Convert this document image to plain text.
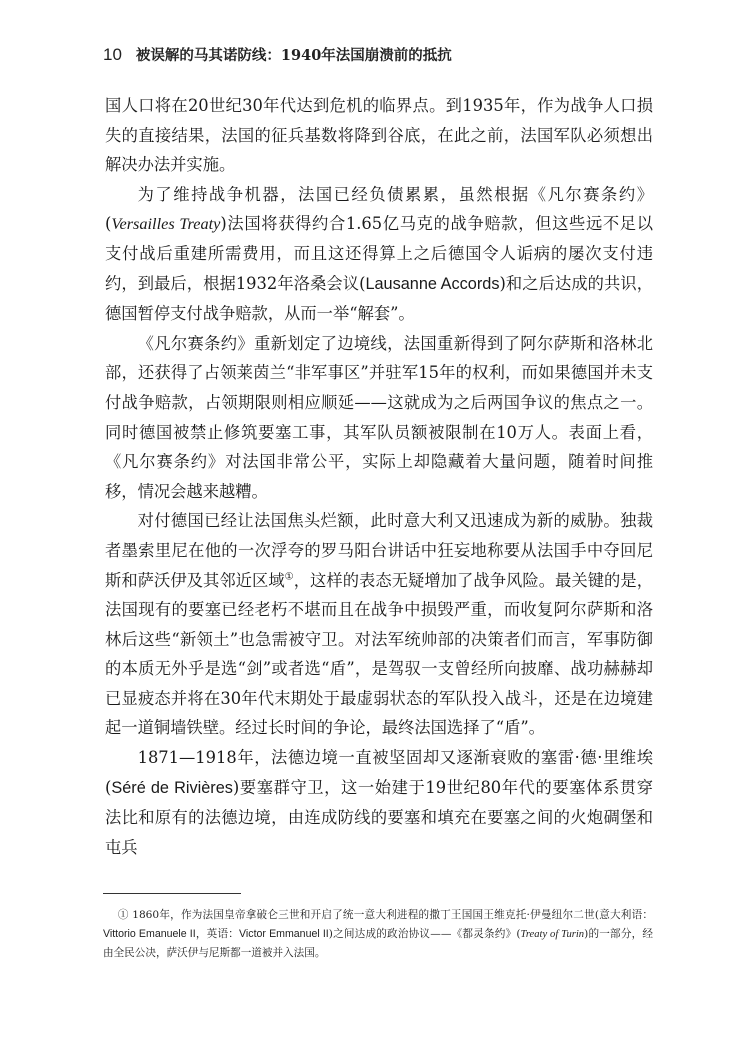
10 被误解的马其诺防线：1940年法国崩溃前的抵抗

国人口将在20世纪30年代达到危机的临界点。到1935年，作为战争人口损失的直接结果，法国的征兵基数将降到谷底，在此之前，法国军队必须想出解决办法并实施。

为了维持战争机器，法国已经负债累累，虽然根据《凡尔赛条约》(Versailles Treaty)法国将获得约合1.65亿马克的战争赔款，但这些远不足以支付战后重建所需费用，而且这还得算上之后德国令人诟病的屡次支付违约，到最后，根据1932年洛桑会议(Lausanne Accords)和之后达成的共识，德国暂停支付战争赔款，从而一举“解套”。

《凡尔赛条约》重新划定了边境线，法国重新得到了阿尔萨斯和洛林北部，还获得了占领莱茵兰“非军事区”并驻军15年的权利，而如果德国并未支付战争赔款，占领期限则相应顺延——这就成为之后两国争议的焦点之一。同时德国被禁止修筑要塞工事，其军队员额被限制在10万人。表面上看，《凡尔赛条约》对法国非常公平，实际上却隐藏着大量问题，随着时间推移，情况会越来越糟。

对付德国已经让法国焦头烂额，此时意大利又迅速成为新的威胁。独裁者墨索里尼在他的一次浮夸的罗马阳台讲话中狂妄地称要从法国手中夺回尼斯和萨沃伊及其邻近区域①，这样的表态无疑增加了战争风险。最关键的是，法国现有的要塞已经老朽不堪而且在战争中损毁严重，而收复阿尔萨斯和洛林后这些“新领土”也急需被守卫。对法军统帅部的决策者们而言，军事防御的本质无外乎是选“剑”或者选“盾”，是驾驭一支曾经所向披靡、战功赫赫却已显疲态并将在30年代末期处于最虚弱状态的军队投入战斗，还是在边境建起一道铜墙铁壁。经过长时间的争论，最终法国选择了“盾”。

1871—1918年，法德边境一直被坚固却又逐渐衰败的塞雷·德·里维埃(Séré de Rivières)要塞群守卫，这一始建于19世纪80年代的要塞体系贯穿法比和原有的法德边境，由连成防线的要塞和填充在要塞之间的火炮碉堡和屯兵

① 1860年，作为法国皇帝拿破仑三世和开启了统一意大利进程的撒丁王国国王维克托·伊曼纽尔二世(意大利语：Vittorio Emanuele II，英语：Victor Emmanuel II)之间达成的政治协议——《都灵条约》(Treaty of Turin)的一部分，经由全民公决，萨沃伊与尼斯都一道被并入法国。
